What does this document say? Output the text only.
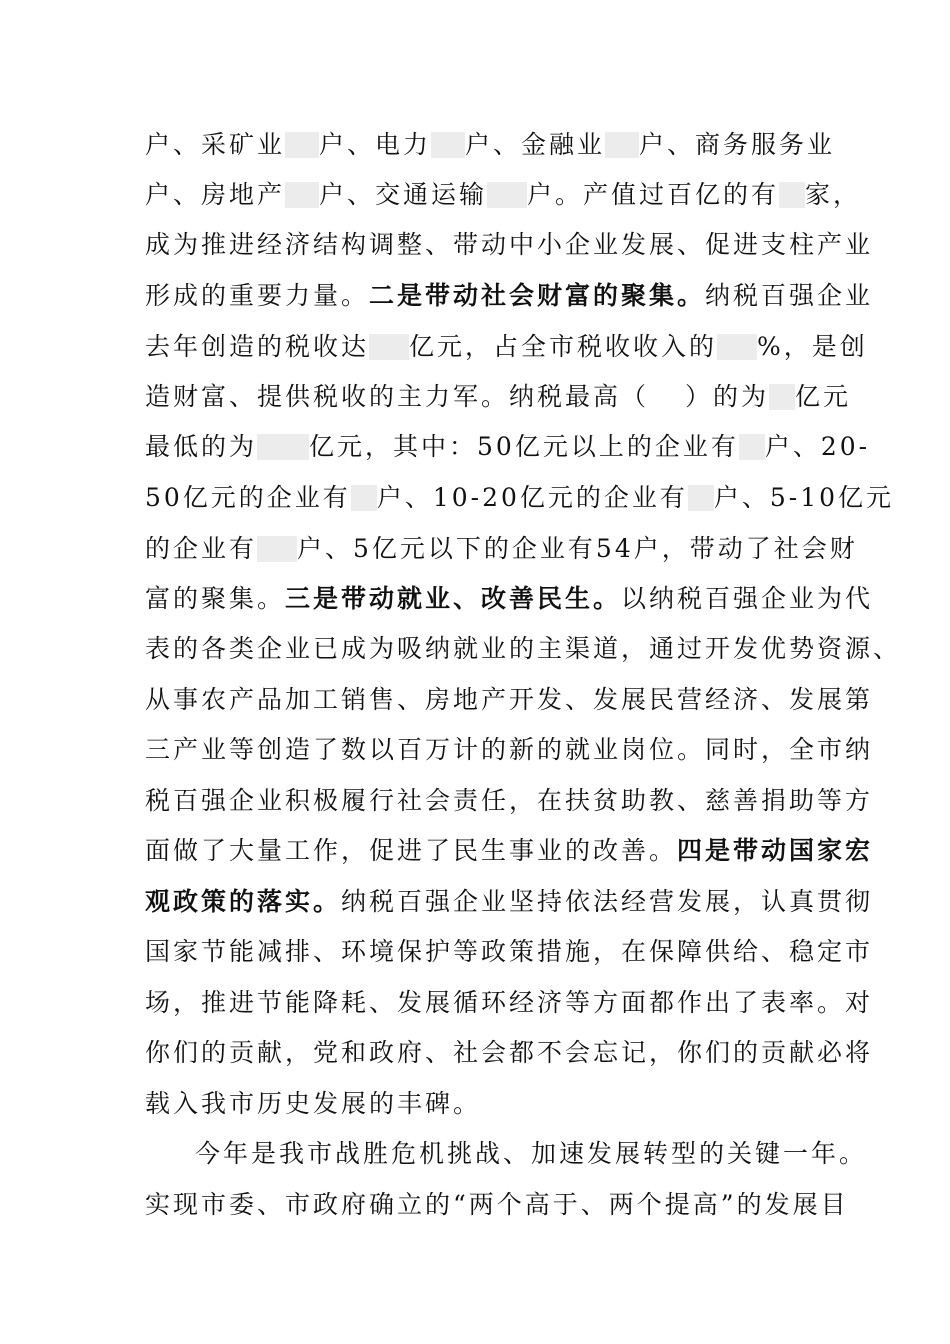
户、采矿业 户、电力 户、金融业 户、商务服务业
户、房地产 户、交通运输 户。产值过百亿的有 家，
成为推进经济结构调整、带动中小企业发展、促进支柱产业
形成的重要力量。二是带动社会财富的聚集。纳税百强企业
去年创造的税收达 亿元，占全市税收收入的 %，是创
造财富、提供税收的主力军。纳税最高（ ）的为 亿元
最低的为 亿元，其中：50亿元以上的企业有 户、20-
50亿元的企业有 户、10-20亿元的企业有 户、5-10亿元
的企业有 户、5亿元以下的企业有54户，带动了社会财
富的聚集。三是带动就业、改善民生。以纳税百强企业为代
表的各类企业已成为吸纳就业的主渠道，通过开发优势资源、
从事农产品加工销售、房地产开发、发展民营经济、发展第
三产业等创造了数以百万计的新的就业岗位。同时，全市纳
税百强企业积极履行社会责任，在扶贫助教、慈善捐助等方
面做了大量工作，促进了民生事业的改善。四是带动国家宏
观政策的落实。纳税百强企业坚持依法经营发展，认真贯彻
国家节能减排、环境保护等政策措施，在保障供给、稳定市
场，推进节能降耗、发展循环经济等方面都作出了表率。对
你们的贡献，党和政府、社会都不会忘记，你们的贡献必将
载入我市历史发展的丰碑。
今年是我市战胜危机挑战、加速发展转型的关键一年。
实现市委、市政府确立的“两个高于、两个提高”的发展目
